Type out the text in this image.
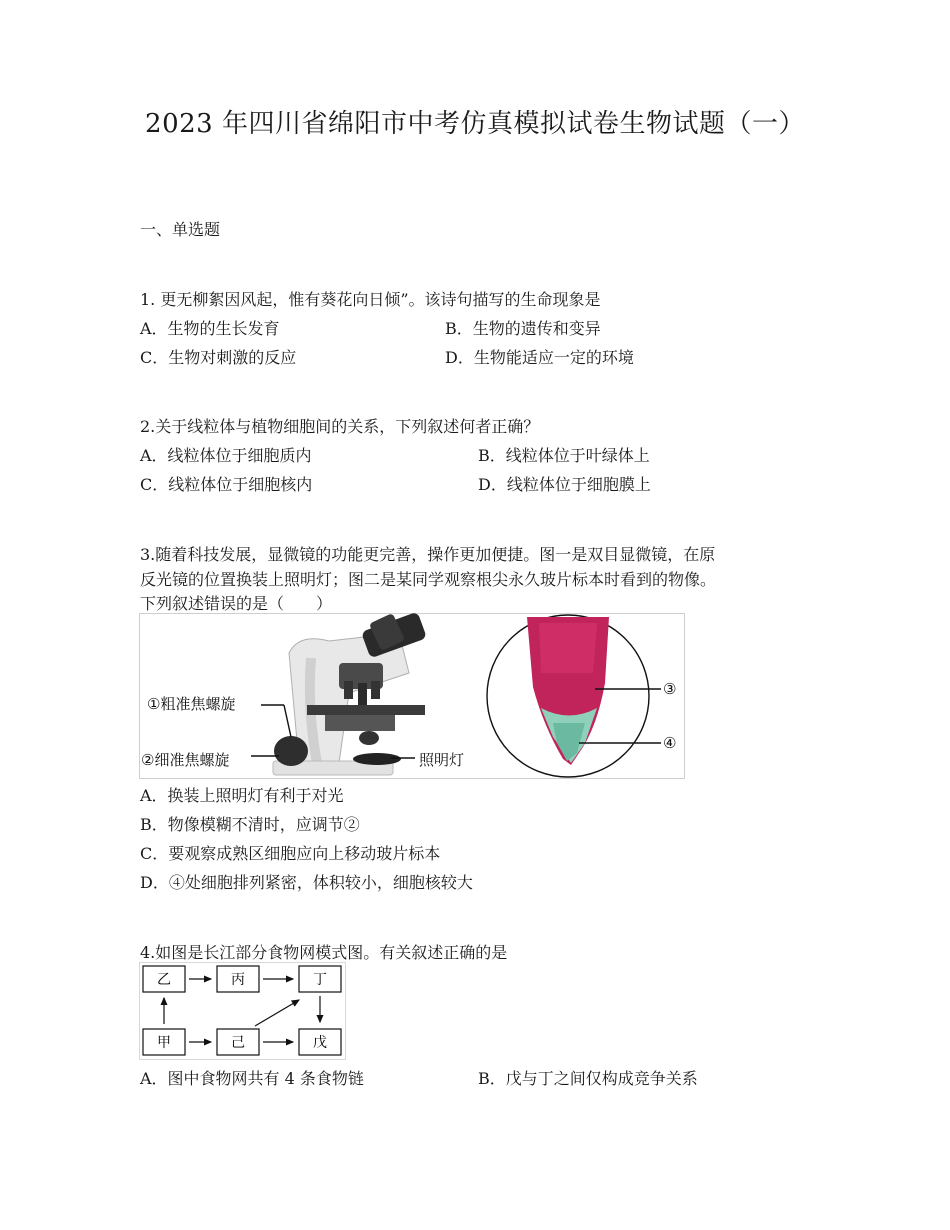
2023 年四川省绵阳市中考仿真模拟试卷生物试题（一）
一、单选题
1. 更无柳絮因风起，惟有葵花向日倾”。该诗句描写的生命现象是
A．生物的生长发育	B．生物的遗传和变异
C．生物对刺激的反应	D．生物能适应一定的环境
2.关于线粒体与植物细胞间的关系，下列叙述何者正确？
A．线粒体位于细胞质内	B．线粒体位于叶绿体上
C．线粒体位于细胞核内	D．线粒体位于细胞膜上
3.随着科技发展，显微镜的功能更完善，操作更加便捷。图一是双目显微镜，在原
反光镜的位置换装上照明灯；图二是某同学观察根尖永久玻片标本时看到的物像。
下列叙述错误的是（　　）
①粗准焦螺旋
②细准焦螺旋	照明灯
③
④
A．换装上照明灯有利于对光
B．物像模糊不清时，应调节②
C．要观察成熟区细胞应向上移动玻片标本
D．④处细胞排列紧密，体积较小，细胞核较大
4.如图是长江部分食物网模式图。有关叙述正确的是
乙	丙	丁
甲	己	戊
A．图中食物网共有 4 条食物链	B．戊与丁之间仅构成竞争关系
